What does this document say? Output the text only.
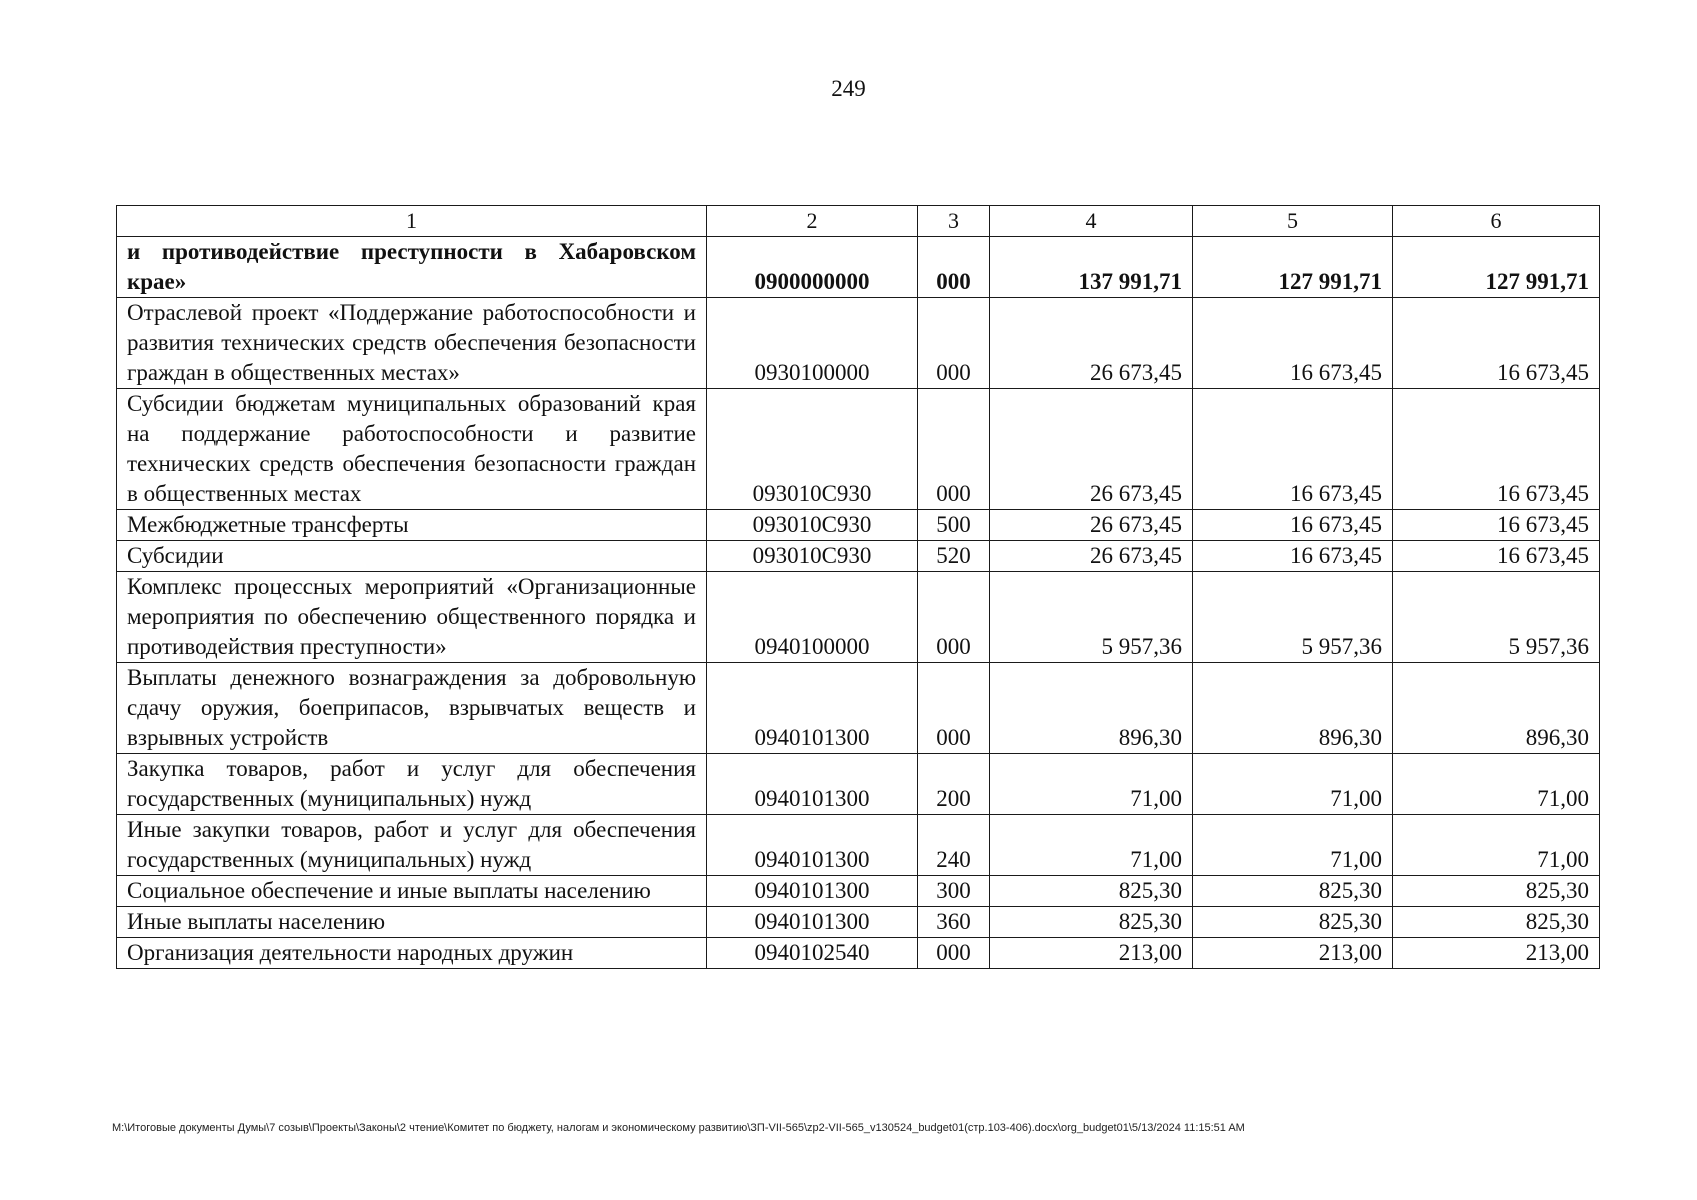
249
1	2	3	4	5	6
и противодействие преступности в Хабаровском крае»	0900000000	000	137 991,71	127 991,71	127 991,71
Отраслевой проект «Поддержание работоспособности и развития технических средств обеспечения безопасности граждан в общественных местах»	0930100000	000	26 673,45	16 673,45	16 673,45
Субсидии бюджетам муниципальных образований края на поддержание работоспособности и развитие технических средств обеспечения безопасности граждан в общественных местах	093010С930	000	26 673,45	16 673,45	16 673,45
Межбюджетные трансферты	093010С930	500	26 673,45	16 673,45	16 673,45
Субсидии	093010С930	520	26 673,45	16 673,45	16 673,45
Комплекс процессных мероприятий «Организационные мероприятия по обеспечению общественного порядка и противодействия преступности»	0940100000	000	5 957,36	5 957,36	5 957,36
Выплаты денежного вознаграждения за добровольную сдачу оружия, боеприпасов, взрывчатых веществ и взрывных устройств	0940101300	000	896,30	896,30	896,30
Закупка товаров, работ и услуг для обеспечения государственных (муниципальных) нужд	0940101300	200	71,00	71,00	71,00
Иные закупки товаров, работ и услуг для обеспечения государственных (муниципальных) нужд	0940101300	240	71,00	71,00	71,00
Социальное обеспечение и иные выплаты населению	0940101300	300	825,30	825,30	825,30
Иные выплаты населению	0940101300	360	825,30	825,30	825,30
Организация деятельности народных дружин	0940102540	000	213,00	213,00	213,00
M:\Итоговые документы Думы\7 созыв\Проекты\Законы\2 чтение\Комитет по бюджету, налогам и экономическому развитию\ЗП-VII-565\zp2-VII-565_v130524_budget01(стр.103-406).docx\org_budget01\5/13/2024 11:15:51 AM
